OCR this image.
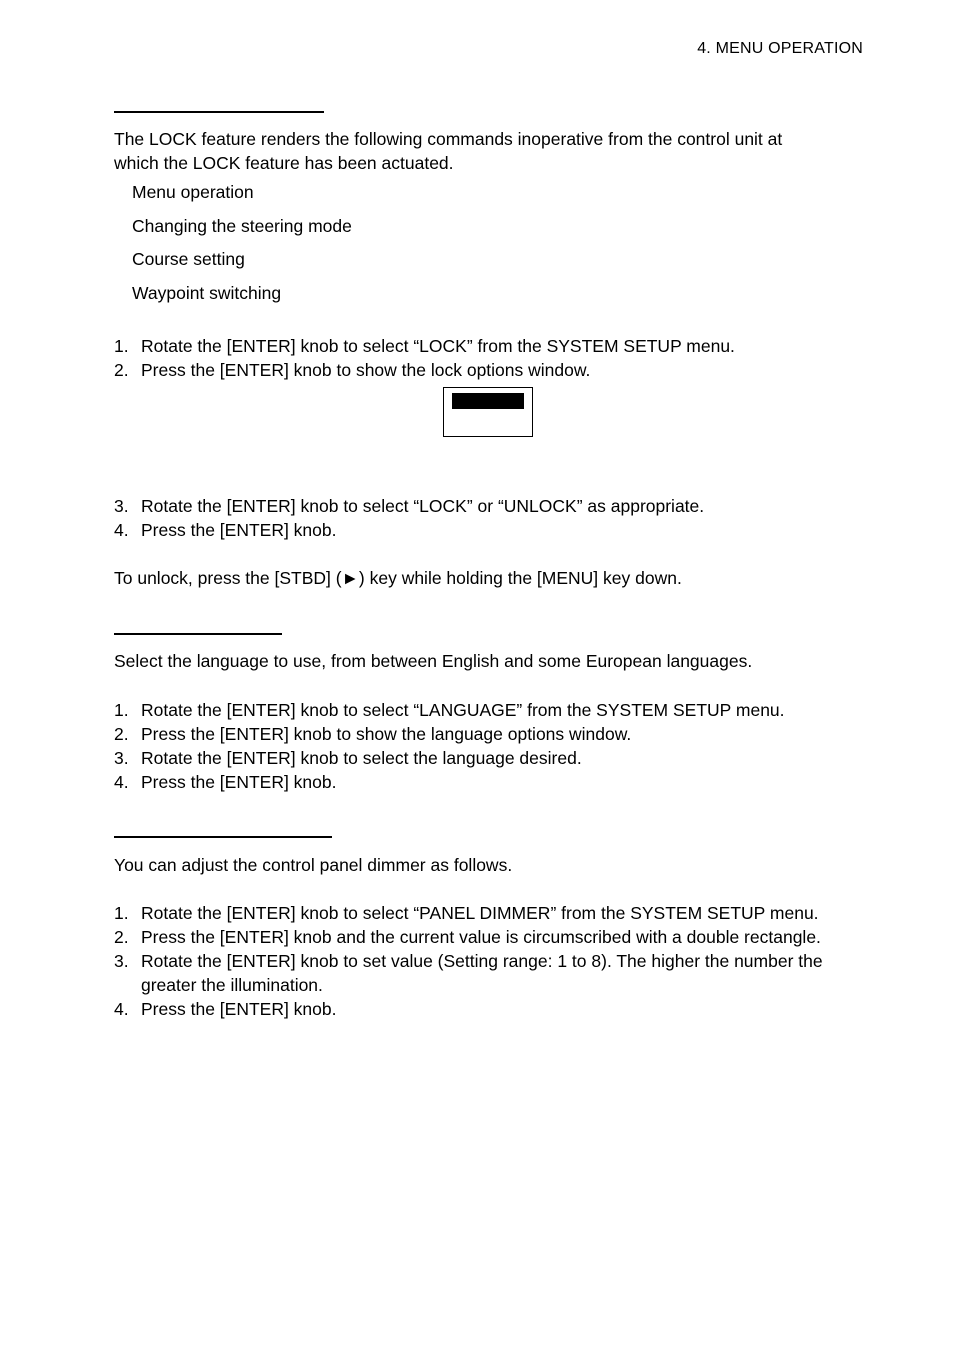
4. MENU OPERATION
The LOCK feature renders the following commands inoperative from the control unit at
which the LOCK feature has been actuated.
Menu operation
Changing the steering mode
Course setting
Waypoint switching
1. Rotate the [ENTER] knob to select “LOCK” from the SYSTEM SETUP menu.
2. Press the [ENTER] knob to show the lock options window.
3. Rotate the [ENTER] knob to select “LOCK” or “UNLOCK” as appropriate.
4. Press the [ENTER] knob.
To unlock, press the [STBD] (►) key while holding the [MENU] key down.
Select the language to use, from between English and some European languages.
1. Rotate the [ENTER] knob to select “LANGUAGE” from the SYSTEM SETUP menu.
2. Press the [ENTER] knob to show the language options window.
3. Rotate the [ENTER] knob to select the language desired.
4. Press the [ENTER] knob.
You can adjust the control panel dimmer as follows.
1. Rotate the [ENTER] knob to select “PANEL DIMMER” from the SYSTEM SETUP menu.
2. Press the [ENTER] knob and the current value is circumscribed with a double rectangle.
3. Rotate the [ENTER] knob to set value (Setting range: 1 to 8). The higher the number the
greater the illumination.
4. Press the [ENTER] knob.
